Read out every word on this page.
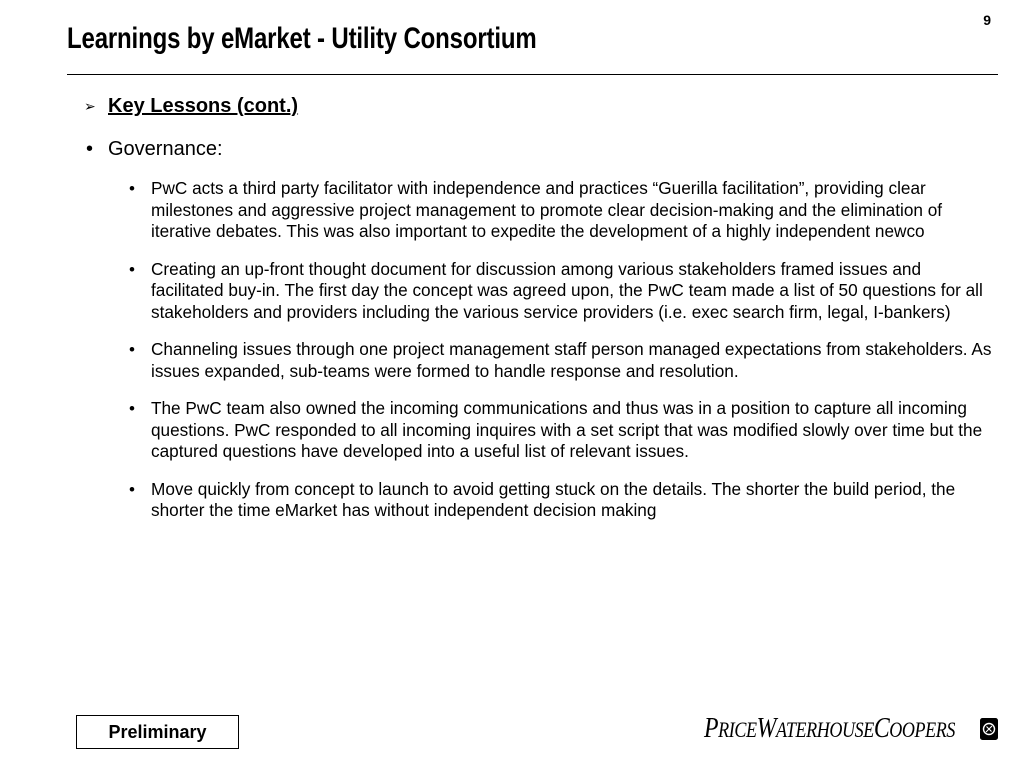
9
Learnings by eMarket - Utility Consortium
➢ Key Lessons (cont.)
• Governance:
• PwC acts a third party facilitator with independence and practices “Guerilla facilitation”, providing clear milestones and aggressive project management to promote clear decision-making and the elimination of iterative debates. This was also important to expedite the development of a highly independent newco
• Creating an up-front thought document for discussion among various stakeholders framed issues and facilitated buy-in. The first day the concept was agreed upon, the PwC team made a list of 50 questions for all stakeholders and providers including the various service providers (i.e. exec search firm, legal, I-bankers)
• Channeling issues through one project management staff person managed expectations from stakeholders. As issues expanded, sub-teams were formed to handle response and resolution.
• The PwC team also owned the incoming communications and thus was in a position to capture all incoming questions. PwC responded to all incoming inquires with a set script that was modified slowly over time but the captured questions have developed into a useful list of relevant issues.
• Move quickly from concept to launch to avoid getting stuck on the details. The shorter the build period, the shorter the time eMarket has without independent decision making
Preliminary	PRICEWATERHOUSECOOPERS
